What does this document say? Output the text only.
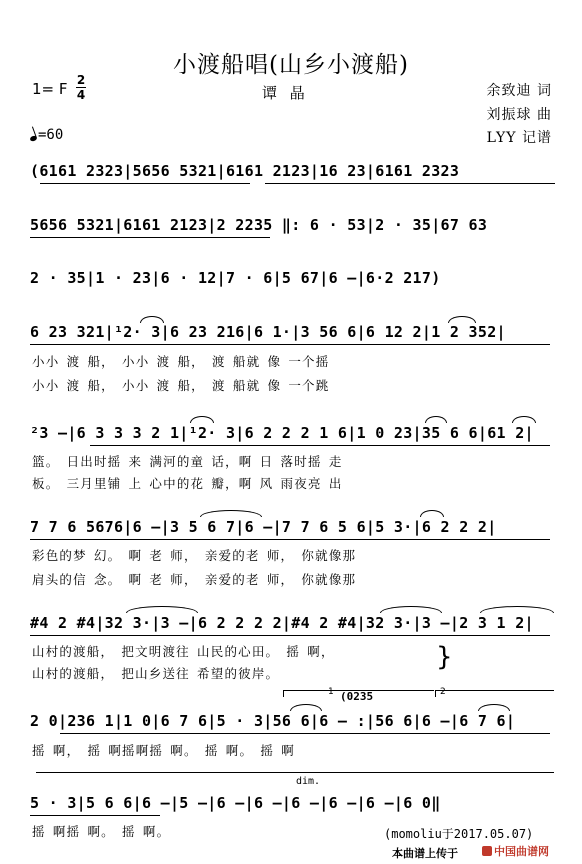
小渡船唱(山乡小渡船)
1= F 2
4	谭 晶	余致迪 词
刘振球 曲
LYY 记谱
=60
(6161 2323|5656 5321|6161 2123|16 23|6161 2323
5656 5321|6161 2123|2 2235 ‖: 6 · 53|2 · 35|67 63
2 · 35|1 · 23|6 · 12|7 · 6|5 67|6 –|6·2 217)
6 23 321|¹2· 3|6 23 216|6 1·|3 56 6|6 12 2|1 2 352|
小小 渡 船， 小小 渡 船， 渡 船就 像 一个摇
小小 渡 船， 小小 渡 船， 渡 船就 像 一个跳
²3 –|6 3 3 3 2 1|¹2· 3|6 2 2 2 1 6|1 0 23|35 6 6|61 2|
篮。 日出时摇 来 满河的童 话，啊 日 落时摇 走
板。 三月里铺 上 心中的花 瓣，啊 风 雨夜亮 出
7 7 6 5676|6 –|3 5 6 7|6 –|7 7 6 5 6|5 3·|6 2 2 2|
彩色的梦 幻。 啊 老 师， 亲爱的老 师， 你就像那
肩头的信 念。 啊 老 师， 亲爱的老 师， 你就像那
#4 2 #4|32 3·|3 –|6 2 2 2 2|#4 2 #4|32 3·|3 –|2 3 1 2|
山村的渡船， 把文明渡往 山民的心田。 摇 啊，
山村的渡船， 把山乡送往 希望的彼岸。
}
1	2
(0235
2 0|236 1|1 0|6 7 6|5 · 3|56 6|6 – :|56 6|6 –|6 7 6|
摇 啊， 摇 啊摇啊摇 啊。 摇 啊。 摇 啊
dim.
5 · 3|5 6 6|6 –|5 –|6 –|6 –|6 –|6 –|6 –|6 0‖
摇 啊摇 啊。 摇 啊。	(momoliu于2017.05.07)
本曲谱上传于	中国曲谱网
